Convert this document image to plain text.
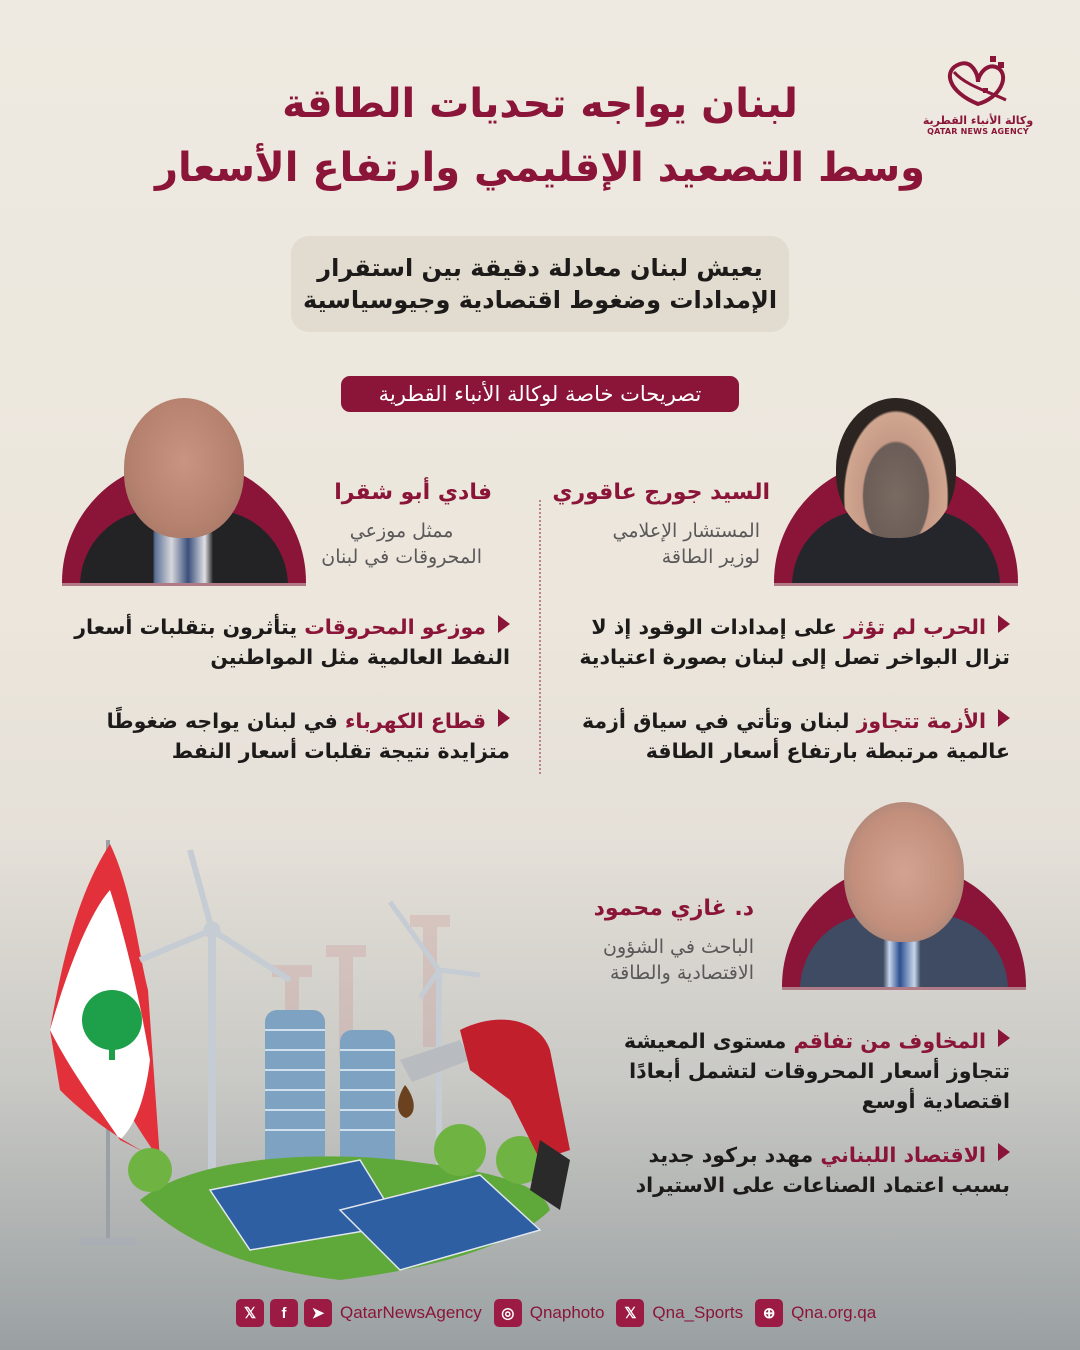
وكالة الأنباء القطرية
QATAR NEWS AGENCY
لبنان يواجه تحديات الطاقة
وسط التصعيد الإقليمي وارتفاع الأسعار
يعيش لبنان معادلة دقيقة بين استقرار
الإمدادات وضغوط اقتصادية وجيوسياسية
تصريحات خاصة لوكالة الأنباء القطرية
السيد جورج عاقوري
المستشار الإعلامي
لوزير الطاقة
الحرب لم تؤثر على إمدادات الوقود إذ لا
تزال البواخر تصل إلى لبنان بصورة اعتيادية
الأزمة تتجاوز لبنان وتأتي في سياق أزمة
عالمية مرتبطة بارتفاع أسعار الطاقة
فادي أبو شقرا
ممثل موزعي
المحروقات في لبنان
موزعو المحروقات يتأثرون بتقلبات أسعار
النفط العالمية مثل المواطنين
قطاع الكهرباء في لبنان يواجه ضغوطًا
متزايدة نتيجة تقلبات أسعار النفط
د. غازي محمود
الباحث في الشؤون
الاقتصادية والطاقة
المخاوف من تفاقم مستوى المعيشة
تتجاوز أسعار المحروقات لتشمل أبعادًا
اقتصادية أوسع
الاقتصاد اللبناني مهدد بركود جديد
بسبب اعتماد الصناعات على الاستيراد
𝕏	f	➤ QatarNewsAgency	◎ Qnaphoto	𝕏 Qna_Sports	⊕ Qna.org.qa
